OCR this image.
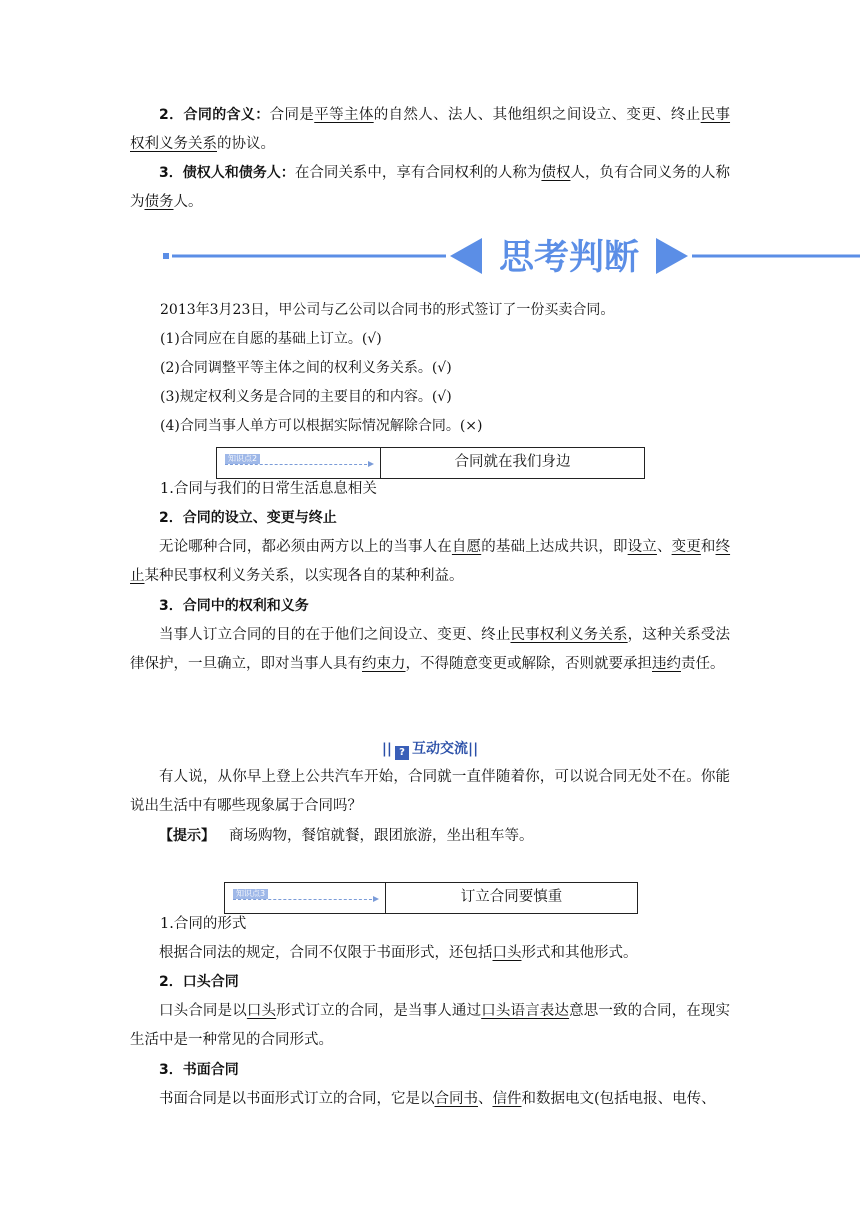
2．合同的含义：合同是平等主体的自然人、法人、其他组织之间设立、变更、终止民事权利义务关系的协议。
3．债权人和债务人：在合同关系中，享有合同权利的人称为债权人，负有合同义务的人称为债务人。
思考判断
2013年3月23日，甲公司与乙公司以合同书的形式签订了一份买卖合同。
(1)合同应在自愿的基础上订立。(√)
(2)合同调整平等主体之间的权利义务关系。(√)
(3)规定权利义务是合同的主要目的和内容。(√)
(4)合同当事人单方可以根据实际情况解除合同。(×)
知识点2	合同就在我们身边
1.合同与我们的日常生活息息相关
2．合同的设立、变更与终止
无论哪种合同，都必须由两方以上的当事人在自愿的基础上达成共识，即设立、变更和终止某种民事权利义务关系，以实现各自的某种利益。
3．合同中的权利和义务
当事人订立合同的目的在于他们之间设立、变更、终止民事权利义务关系，这种关系受法律保护，一旦确立，即对当事人具有约束力，不得随意变更或解除，否则就要承担违约责任。
|| ? 互动交流||
有人说，从你早上登上公共汽车开始，合同就一直伴随着你，可以说合同无处不在。你能说出生活中有哪些现象属于合同吗？
【提示】 商场购物，餐馆就餐，跟团旅游，坐出租车等。
知识点3	订立合同要慎重
1.合同的形式
根据合同法的规定，合同不仅限于书面形式，还包括口头形式和其他形式。
2．口头合同
口头合同是以口头形式订立的合同，是当事人通过口头语言表达意思一致的合同，在现实生活中是一种常见的合同形式。
3．书面合同
书面合同是以书面形式订立的合同，它是以合同书、信件和数据电文(包括电报、电传、
